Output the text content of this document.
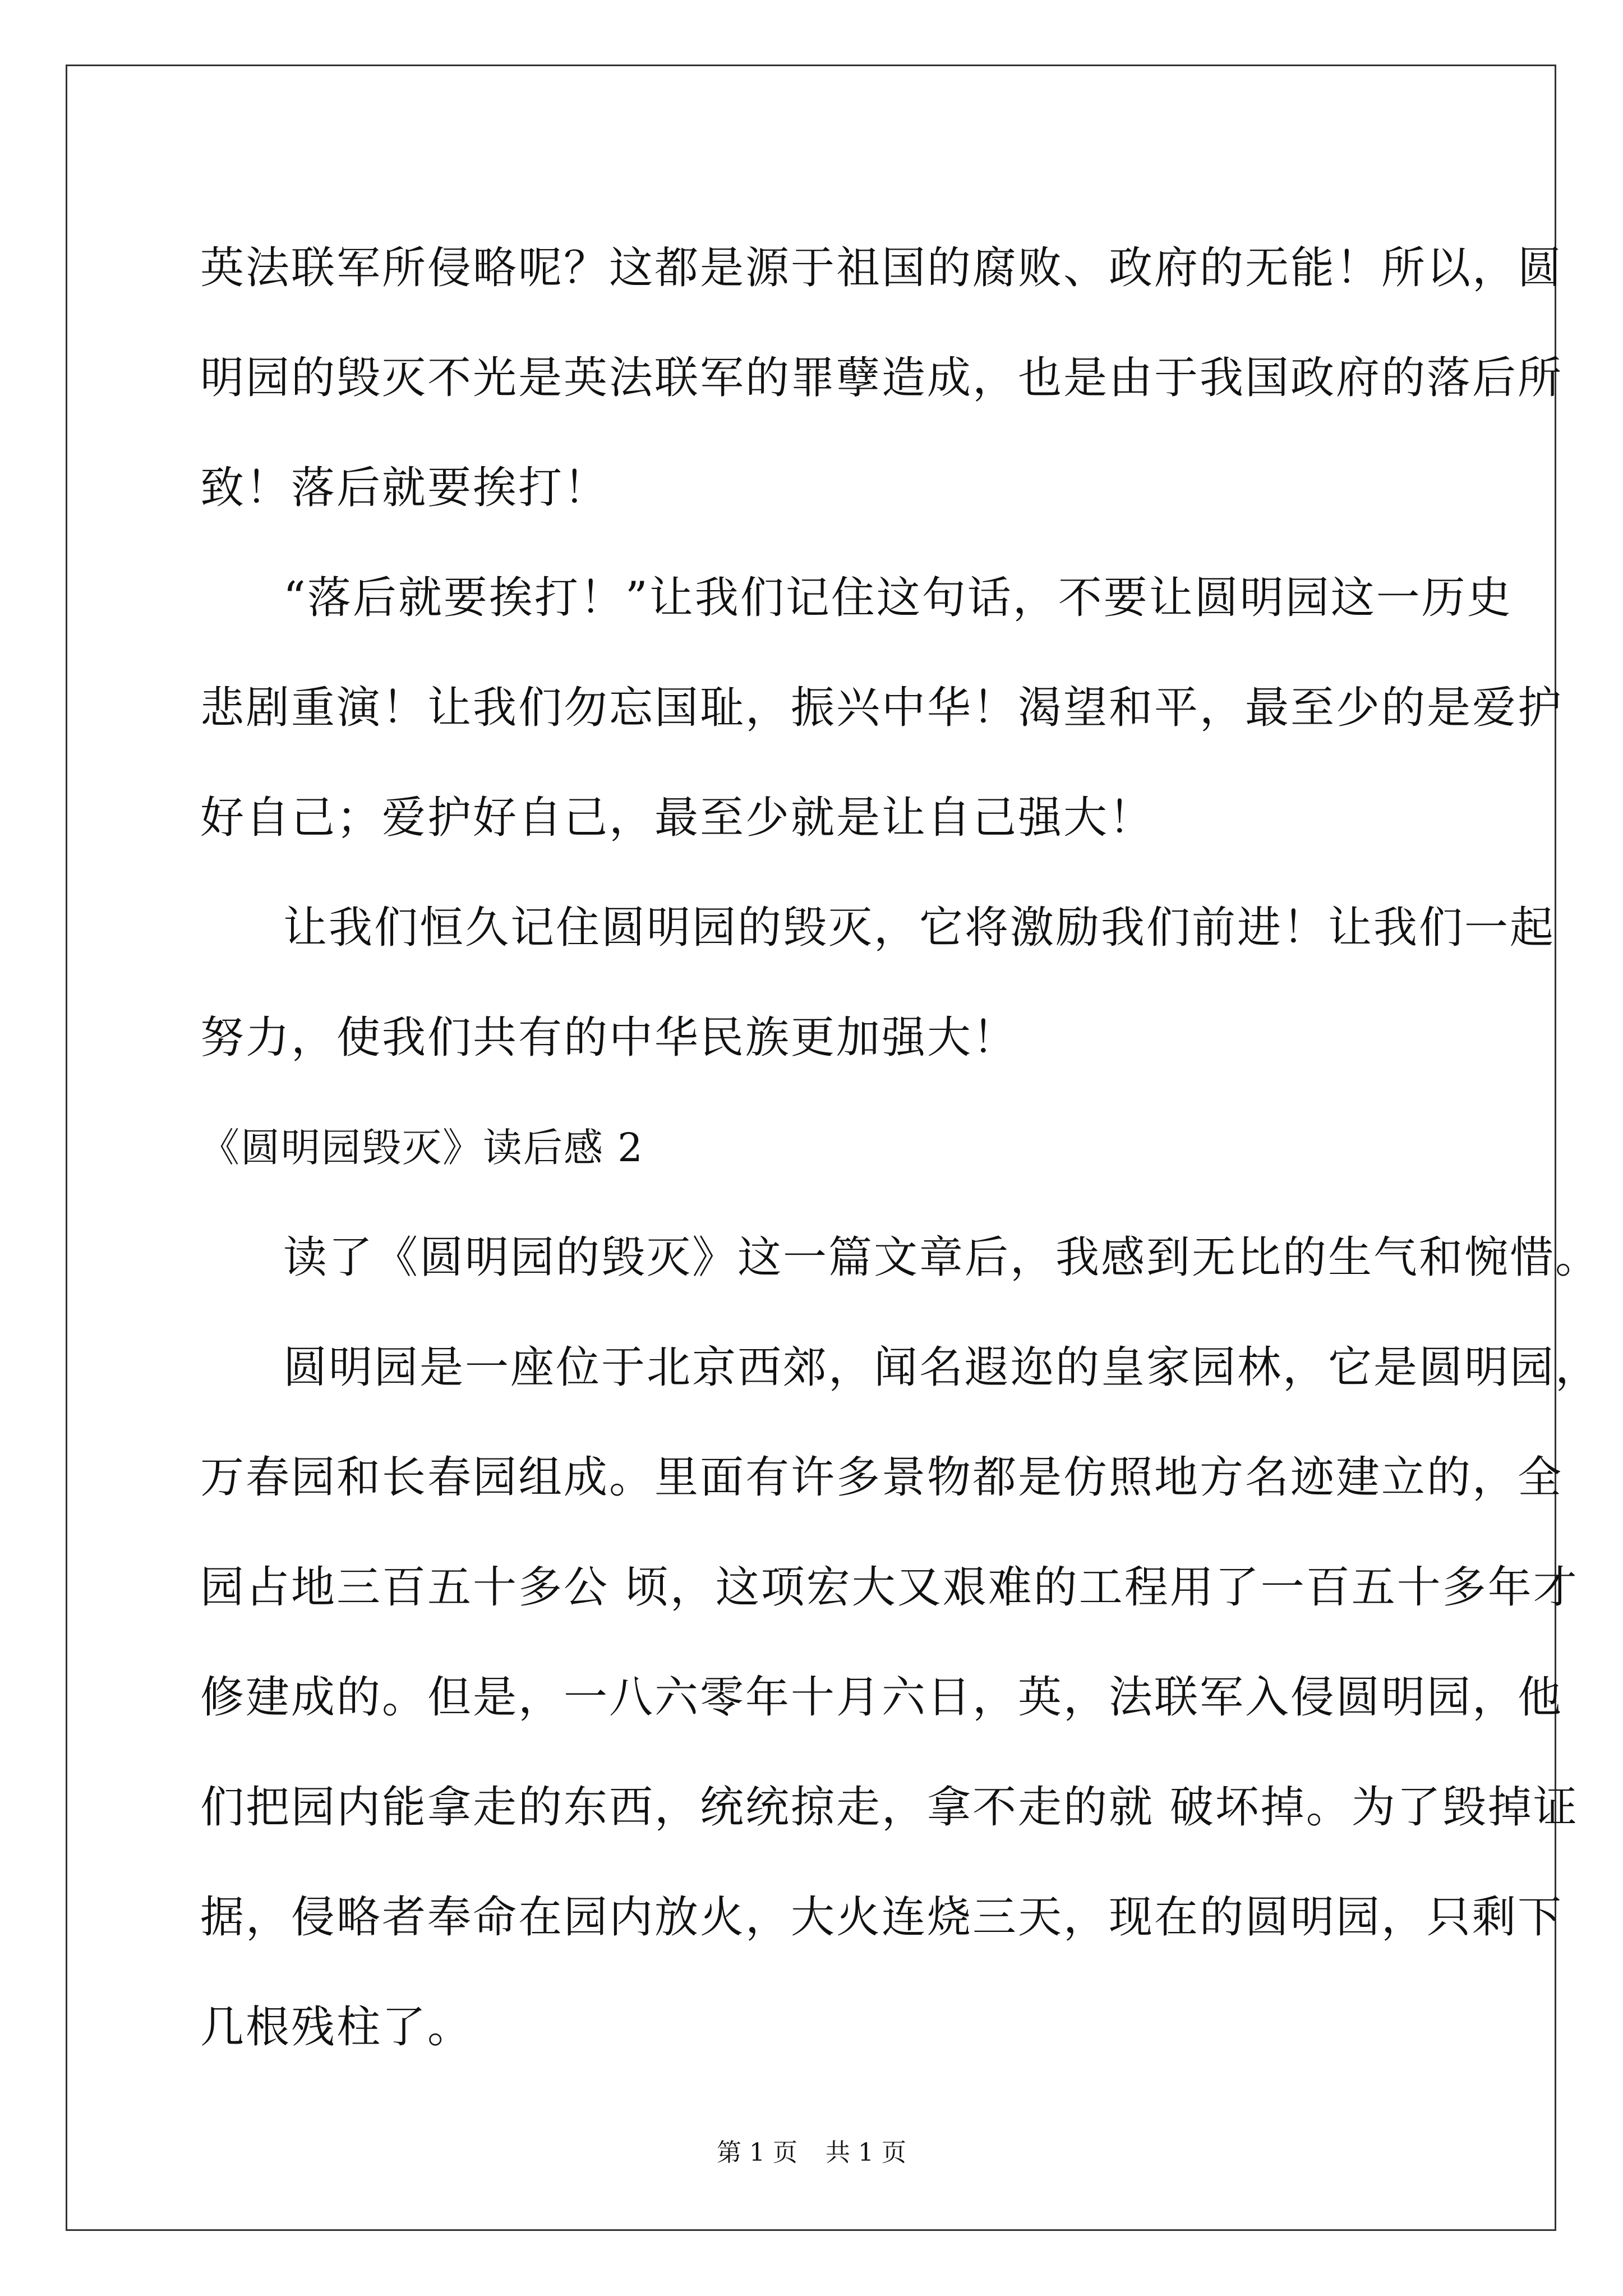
英法联军所侵略呢？这都是源于祖国的腐败、政府的无能！所以，圆
明园的毁灭不光是英法联军的罪孽造成，也是由于我国政府的落后所
致！落后就要挨打！

“落后就要挨打！”让我们记住这句话，不要让圆明园这一历史
悲剧重演！让我们勿忘国耻，振兴中华！渴望和平，最至少的是爱护
好自己；爱护好自己，最至少就是让自己强大！

让我们恒久记住圆明园的毁灭，它将激励我们前进！让我们一起
努力，使我们共有的中华民族更加强大！

《圆明园毁灭》读后感 2

读了《圆明园的毁灭》这一篇文章后，我感到无比的生气和惋惜。

圆明园是一座位于北京西郊，闻名遐迩的皇家园林，它是圆明园，
万春园和长春园组成。里面有许多景物都是仿照地方名迹建立的，全
园占地三百五十多公 顷，这项宏大又艰难的工程用了一百五十多年才
修建成的。但是，一八六零年十月六日，英，法联军入侵圆明园，他
们把园内能拿走的东西，统统掠走，拿不走的就 破坏掉。为了毁掉证
据，侵略者奉命在园内放火，大火连烧三天，现在的圆明园，只剩下
几根残柱了。

第 1 页 共 1 页
